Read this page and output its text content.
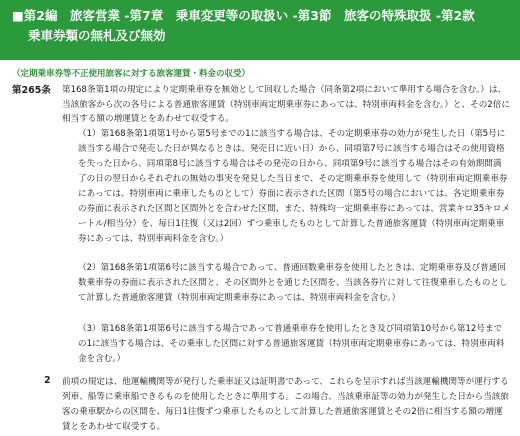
■第2編　旅客営業 -第7章　乗車変更等の取扱い -第3節　旅客の特殊取扱 -第2款
乗車券類の無札及び無効
（定期乗車券等不正使用旅客に対する旅客運賃・料金の収受）
第265条 第168条第1項の規定により定期乗車券を無効として回収した場合（同条第2項において準用する場合を含む。）は、当該旅客から次の各号による普通旅客運賃（特別車両定期乗車券にあっては、特別車両料金を含む。）と、その2倍に相当する額の増運賃とをあわせて収受する。
（1）第168条第1項第1号から第5号までの1に該当する場合は、その定期乗車券の効力が発生した日（第5号に該当する場合で発売した日が異なるときは、発売日に近い日）から、同項第7号に該当する場合はその使用資格を失った日から、同項第8号に該当する場合はその発売の日から、同項第9号に該当する場合はその有効期間満了の日の翌日からそれぞれの無効の事実を発見した当日まで、その定期乗車券を使用して（特別車両定期乗車券にあっては、特別車両に乗車したものとして）券面に表示された区間（第5号の場合においては、各定期乗車券の券面に表示された区間と区間外とを合わせた区間、また、特殊均一定期乗車券にあっては、営業キロ35キロメートル/相当分）を、毎日1往復（又は2回）ずつ乗車したものとして計算した普通旅客運賃（特別車両定期乗車券にあっては、特別車両料金を含む。）
（2）第168条第1項第6号に該当する場合であって、普通回数乗車券を使用したときは、定期乗車券及び普通回数乗車券の券面に表示された区間と、その区間外とを通じた区間を、当該各券片に対して往復乗車したものとして計算した普通旅客運賃（特別車両定期乗車券にあっては、特別車両料金を含む。）
（3）第168条第1項第6号に該当する場合であって普通乗車券を使用したとき及び同項第10号から第12号までの1に該当する場合は、その乗車した区間に対する普通旅客運賃（特別車両定期乗車券にあっては、特別車両料金を含む。）
2 前項の規定は、他運輸機関等が発行した乗車証又は証明書であって、これらを呈示すれば当該運輸機関等が運行する列車、船等に乗車船できるものを使用したときに準用する。この場合、当該乗車証等の効力が発生した日から当該旅客の乗車駅からの区間を、毎日1往復ずつ乗車したものとして計算した普通旅客運賃とその2倍に相当する額の増運賃とをあわせて収受する。
